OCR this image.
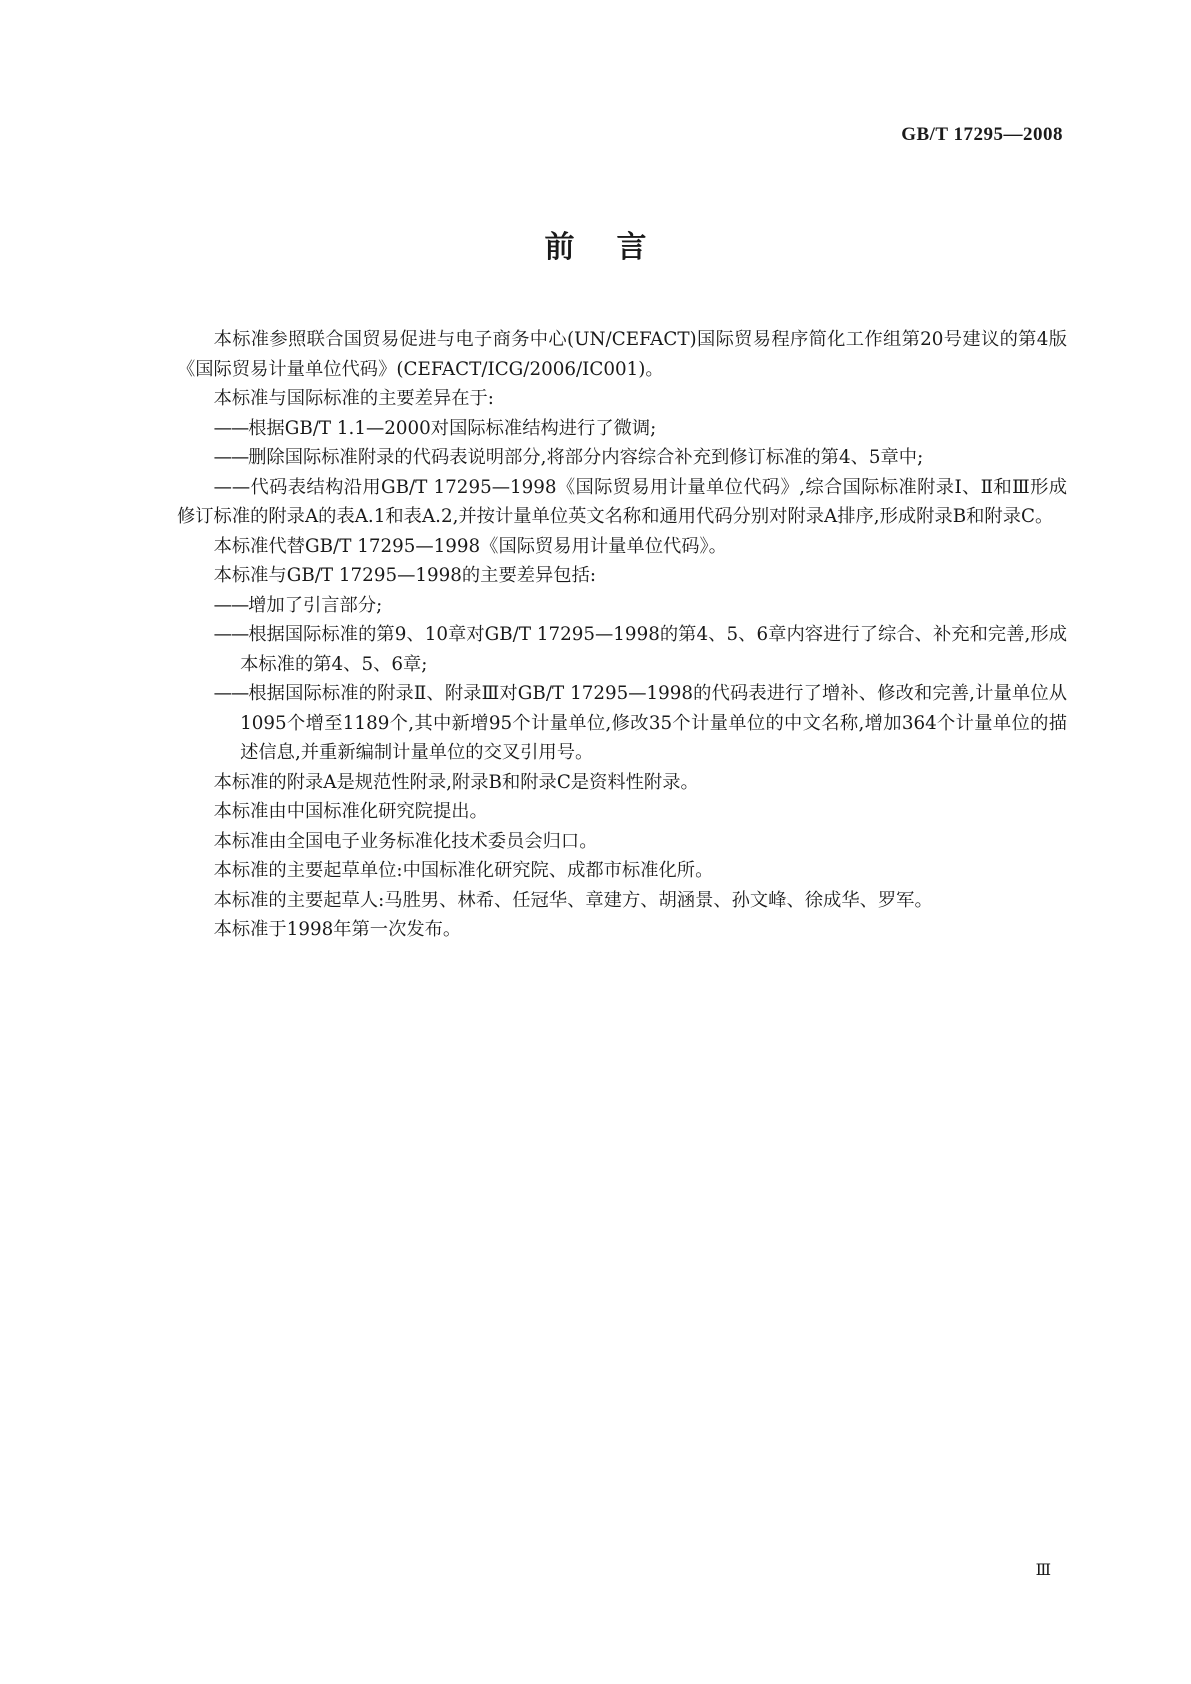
GB/T 17295—2008
前言

本标准参照联合国贸易促进与电子商务中心(UN/CEFACT)国际贸易程序简化工作组第20号建议的第4版《国际贸易计量单位代码》(CEFACT/ICG/2006/IC001)。

本标准与国际标准的主要差异在于:

——根据GB/T 1.1—2000对国际标准结构进行了微调;

——删除国际标准附录的代码表说明部分,将部分内容综合补充到修订标准的第4、5章中;

——代码表结构沿用GB/T 17295—1998《国际贸易用计量单位代码》,综合国际标准附录Ⅰ、Ⅱ和Ⅲ形成修订标准的附录A的表A.1和表A.2,并按计量单位英文名称和通用代码分别对附录A排序,形成附录B和附录C。

本标准代替GB/T 17295—1998《国际贸易用计量单位代码》。

本标准与GB/T 17295—1998的主要差异包括:

——增加了引言部分;

——根据国际标准的第9、10章对GB/T 17295—1998的第4、5、6章内容进行了综合、补充和完善,形成本标准的第4、5、6章;

——根据国际标准的附录Ⅱ、附录Ⅲ对GB/T 17295—1998的代码表进行了增补、修改和完善,计量单位从1095个增至1189个,其中新增95个计量单位,修改35个计量单位的中文名称,增加364个计量单位的描述信息,并重新编制计量单位的交叉引用号。

本标准的附录A是规范性附录,附录B和附录C是资料性附录。

本标准由中国标准化研究院提出。

本标准由全国电子业务标准化技术委员会归口。

本标准的主要起草单位:中国标准化研究院、成都市标准化所。

本标准的主要起草人:马胜男、林希、任冠华、章建方、胡涵景、孙文峰、徐成华、罗军。

本标准于1998年第一次发布。

Ⅲ
